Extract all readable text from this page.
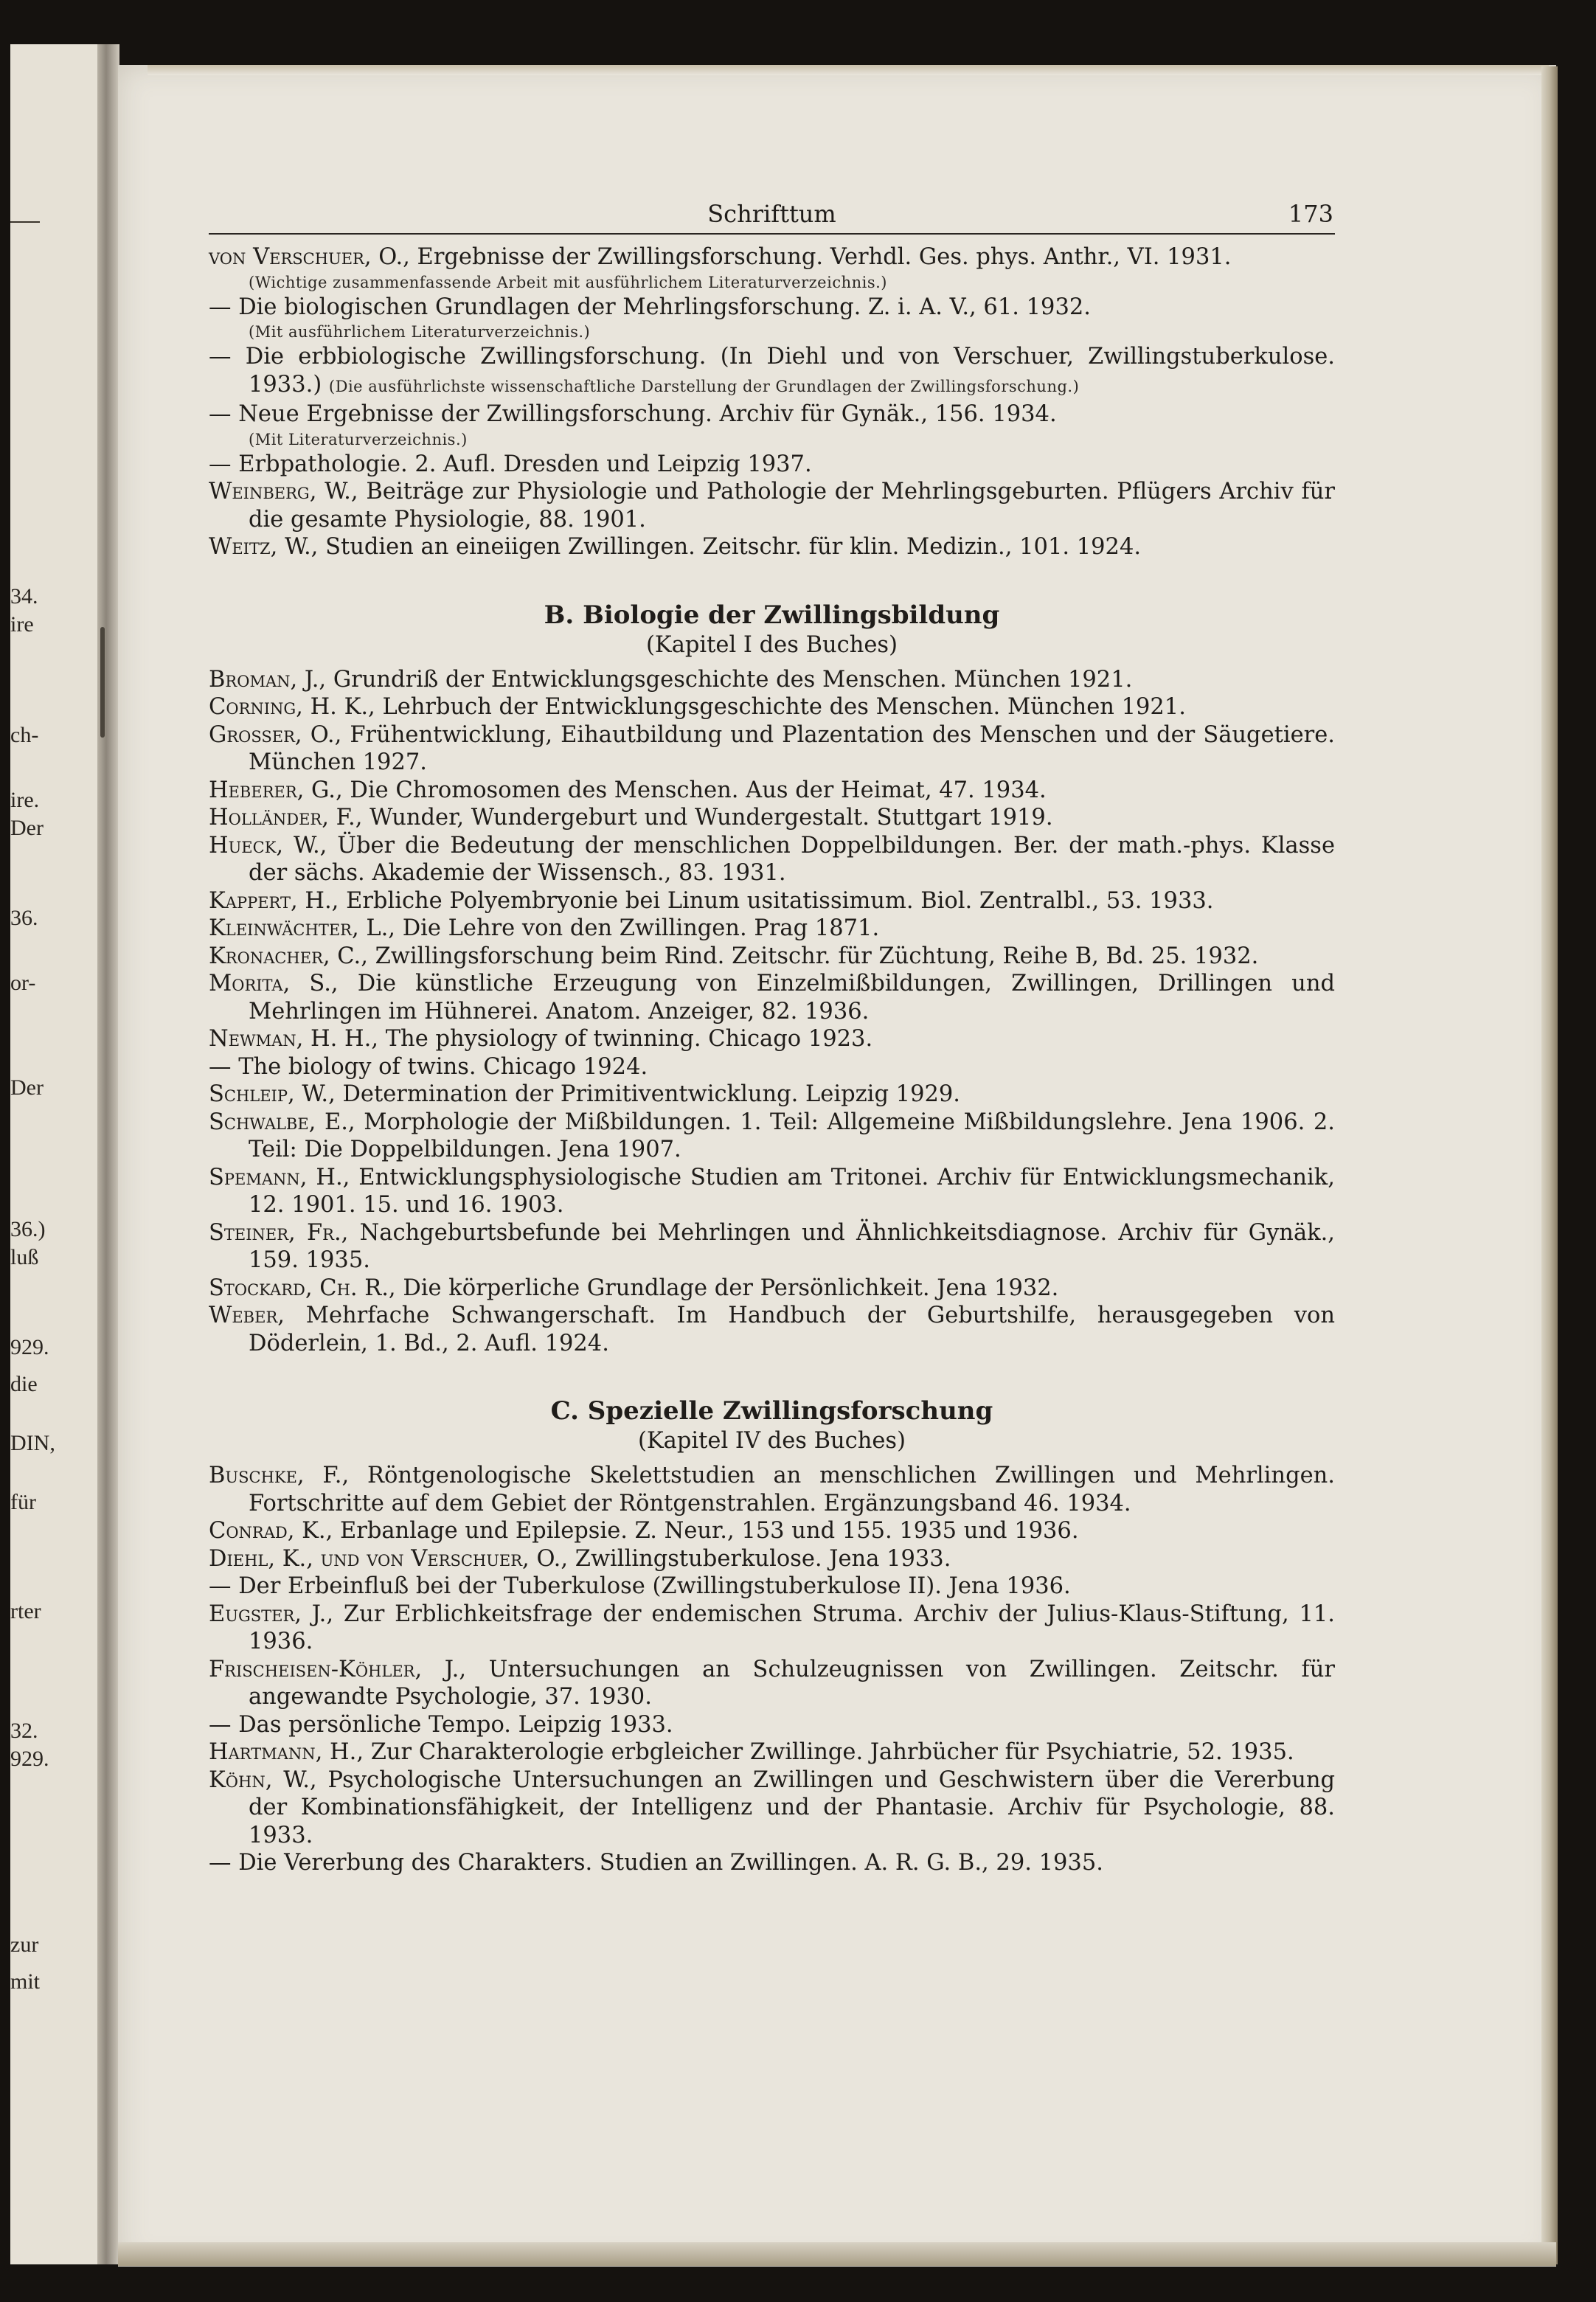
34.
ire
ch-
ire.
Der
36.
or-
Der
36.)
luß
929.
die
DIN,
für
rter
32.
929.
zur
mit
Schrifttum	173
von Verschuer, O., Ergebnisse der Zwillingsforschung. Verhdl. Ges. phys. Anthr., VI. 1931.
(Wichtige zusammenfassende Arbeit mit ausführlichem Literaturverzeichnis.)
— Die biologischen Grundlagen der Mehrlingsforschung. Z. i. A. V., 61. 1932.
(Mit ausführlichem Literaturverzeichnis.)
— Die erbbiologische Zwillingsforschung. (In Diehl und von Verschuer, Zwillingstuberkulose. 1933.) (Die ausführlichste wissenschaftliche Darstellung der Grundlagen der Zwillingsforschung.)
— Neue Ergebnisse der Zwillingsforschung. Archiv für Gynäk., 156. 1934.
(Mit Literaturverzeichnis.)
— Erbpathologie. 2. Aufl. Dresden und Leipzig 1937.
Weinberg, W., Beiträge zur Physiologie und Pathologie der Mehrlingsgeburten. Pflügers Archiv für die gesamte Physiologie, 88. 1901.
Weitz, W., Studien an eineiigen Zwillingen. Zeitschr. für klin. Medizin., 101. 1924.
B. Biologie der Zwillingsbildung
(Kapitel I des Buches)
Broman, J., Grundriß der Entwicklungsgeschichte des Menschen. München 1921.
Corning, H. K., Lehrbuch der Entwicklungsgeschichte des Menschen. München 1921.
Grosser, O., Frühentwicklung, Eihautbildung und Plazentation des Menschen und der Säugetiere. München 1927.
Heberer, G., Die Chromosomen des Menschen. Aus der Heimat, 47. 1934.
Holländer, F., Wunder, Wundergeburt und Wundergestalt. Stuttgart 1919.
Hueck, W., Über die Bedeutung der menschlichen Doppelbildungen. Ber. der math.-phys. Klasse der sächs. Akademie der Wissensch., 83. 1931.
Kappert, H., Erbliche Polyembryonie bei Linum usitatissimum. Biol. Zentralbl., 53. 1933.
Kleinwächter, L., Die Lehre von den Zwillingen. Prag 1871.
Kronacher, C., Zwillingsforschung beim Rind. Zeitschr. für Züchtung, Reihe B, Bd. 25. 1932.
Morita, S., Die künstliche Erzeugung von Einzelmißbildungen, Zwillingen, Drillingen und Mehrlingen im Hühnerei. Anatom. Anzeiger, 82. 1936.
Newman, H. H., The physiology of twinning. Chicago 1923.
— The biology of twins. Chicago 1924.
Schleip, W., Determination der Primitiventwicklung. Leipzig 1929.
Schwalbe, E., Morphologie der Mißbildungen. 1. Teil: Allgemeine Mißbildungslehre. Jena 1906. 2. Teil: Die Doppelbildungen. Jena 1907.
Spemann, H., Entwicklungsphysiologische Studien am Tritonei. Archiv für Entwicklungsmechanik, 12. 1901. 15. und 16. 1903.
Steiner, Fr., Nachgeburtsbefunde bei Mehrlingen und Ähnlichkeitsdiagnose. Archiv für Gynäk., 159. 1935.
Stockard, Ch. R., Die körperliche Grundlage der Persönlichkeit. Jena 1932.
Weber, Mehrfache Schwangerschaft. Im Handbuch der Geburtshilfe, herausgegeben von Döderlein, 1. Bd., 2. Aufl. 1924.
C. Spezielle Zwillingsforschung
(Kapitel IV des Buches)
Buschke, F., Röntgenologische Skelettstudien an menschlichen Zwillingen und Mehrlingen. Fortschritte auf dem Gebiet der Röntgenstrahlen. Ergänzungsband 46. 1934.
Conrad, K., Erbanlage und Epilepsie. Z. Neur., 153 und 155. 1935 und 1936.
Diehl, K., und von Verschuer, O., Zwillingstuberkulose. Jena 1933.
— Der Erbeinfluß bei der Tuberkulose (Zwillingstuberkulose II). Jena 1936.
Eugster, J., Zur Erblichkeitsfrage der endemischen Struma. Archiv der Julius-Klaus-Stiftung, 11. 1936.
Frischeisen-Köhler, J., Untersuchungen an Schulzeugnissen von Zwillingen. Zeitschr. für angewandte Psychologie, 37. 1930.
— Das persönliche Tempo. Leipzig 1933.
Hartmann, H., Zur Charakterologie erbgleicher Zwillinge. Jahrbücher für Psychiatrie, 52. 1935.
Köhn, W., Psychologische Untersuchungen an Zwillingen und Geschwistern über die Vererbung der Kombinationsfähigkeit, der Intelligenz und der Phantasie. Archiv für Psychologie, 88. 1933.
— Die Vererbung des Charakters. Studien an Zwillingen. A. R. G. B., 29. 1935.
